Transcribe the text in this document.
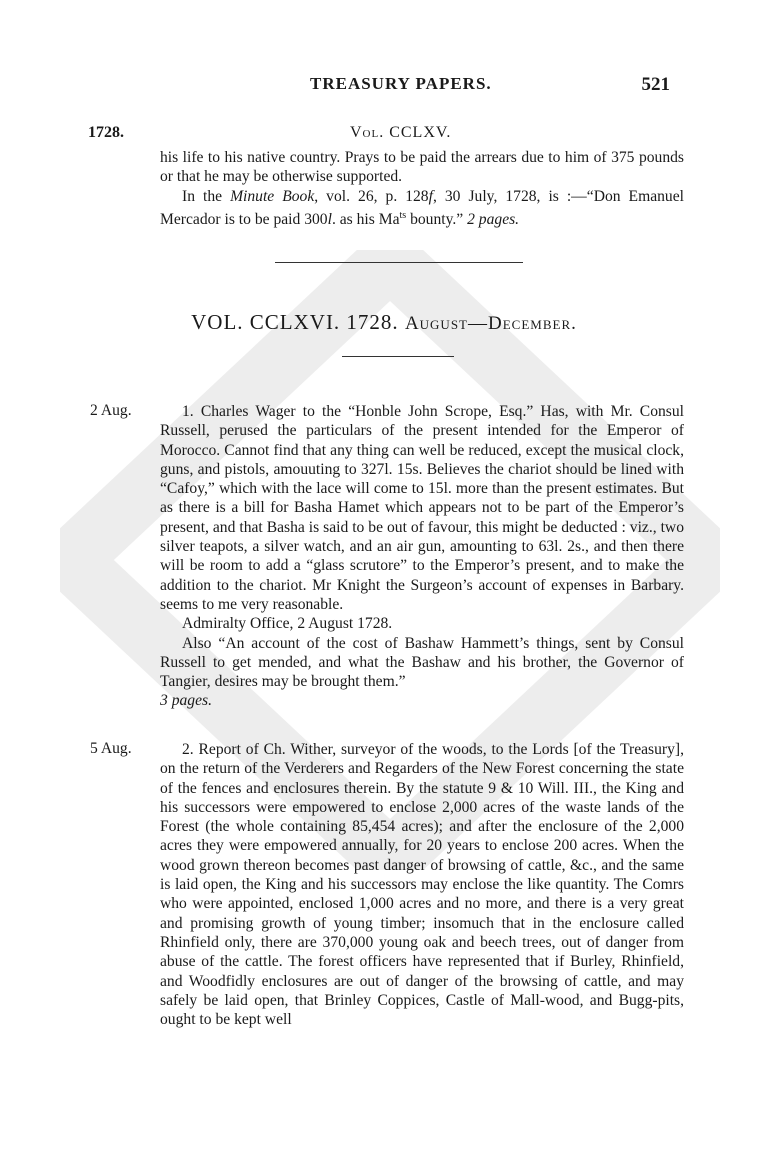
TREASURY PAPERS.	521
1728.	Vol. CCLXV.

his life to his native country. Prays to be paid the arrears due to him of 375 pounds or that he may be otherwise supported.

In the Minute Book, vol. 26, p. 128f, 30 July, 1728, is :—“Don Emanuel Mercador is to be paid 300l. as his $Ma^{ts}$ bounty.” 2 pages.

VOL. CCLXVI. 1728. August—December.
2 Aug.	1. Charles Wager to the “Honble John Scrope, Esq.” Has, with Mr. Consul Russell, perused the particulars of the present intended for the Emperor of Morocco. Cannot find that any thing can well be reduced, except the musical clock, guns, and pistols, amouuting to 327l. 15s. Believes the chariot should be lined with “Cafoy,” which with the lace will come to 15l. more than the present estimates. But as there is a bill for Basha Hamet which appears not to be part of the Emperor’s present, and that Basha is said to be out of favour, this might be deducted : viz., two silver teapots, a silver watch, and an air gun, amounting to 63l. 2s., and then there will be room to add a “glass scrutore” to the Emperor’s present, and to make the addition to the chariot. Mr Knight the Surgeon’s account of expenses in Barbary. seems to me very reasonable.

Admiralty Office, 2 August 1728.

Also “An account of the cost of Bashaw Hammett’s things, sent by Consul Russell to get mended, and what the Bashaw and his brother, the Governor of Tangier, desires may be brought them.”

3 pages.

5 Aug.	2. Report of Ch. Wither, surveyor of the woods, to the Lords [of the Treasury], on the return of the Verderers and Regarders of the New Forest concerning the state of the fences and enclosures therein. By the statute 9 & 10 Will. III., the King and his successors were empowered to enclose 2,000 acres of the waste lands of the Forest (the whole containing 85,454 acres); and after the enclosure of the 2,000 acres they were empowered annually, for 20 years to enclose 200 acres. When the wood grown thereon becomes past danger of browsing of cattle, &c., and the same is laid open, the King and his successors may enclose the like quantity. The Comrs who were appointed, enclosed 1,000 acres and no more, and there is a very great and promising growth of young timber; insomuch that in the enclosure called Rhinfield only, there are 370,000 young oak and beech trees, out of danger from abuse of the cattle. The forest officers have represented that if Burley, Rhinfield, and Woodfidly enclosures are out of danger of the browsing of cattle, and may safely be laid open, that Brinley Coppices, Castle of Mall-wood, and Bugg-pits, ought to be kept well
